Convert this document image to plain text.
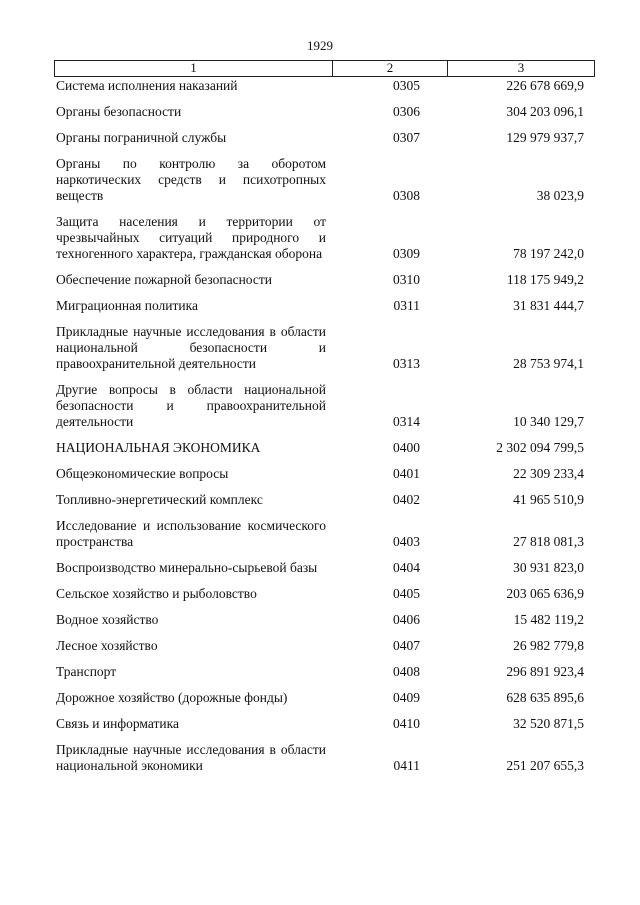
1929
1	2	3
Система исполнения наказаний	0305	226 678 669,9
Органы безопасности	0306	304 203 096,1
Органы пограничной службы	0307	129 979 937,7
Органы по контролю за оборотом наркотических средств и психотропных веществ	0308	38 023,9
Защита населения и территории от чрезвычайных ситуаций природного и техногенного характера, гражданская оборона	0309	78 197 242,0
Обеспечение пожарной безопасности	0310	118 175 949,2
Миграционная политика	0311	31 831 444,7
Прикладные научные исследования в области национальной безопасности и правоохранительной деятельности	0313	28 753 974,1
Другие вопросы в области национальной безопасности и правоохранительной деятельности	0314	10 340 129,7
НАЦИОНАЛЬНАЯ ЭКОНОМИКА	0400	2 302 094 799,5
Общеэкономические вопросы	0401	22 309 233,4
Топливно-энергетический комплекс	0402	41 965 510,9
Исследование и использование космического пространства	0403	27 818 081,3
Воспроизводство минерально-сырьевой базы	0404	30 931 823,0
Сельское хозяйство и рыболовство	0405	203 065 636,9
Водное хозяйство	0406	15 482 119,2
Лесное хозяйство	0407	26 982 779,8
Транспорт	0408	296 891 923,4
Дорожное хозяйство (дорожные фонды)	0409	628 635 895,6
Связь и информатика	0410	32 520 871,5
Прикладные научные исследования в области национальной экономики	0411	251 207 655,3
